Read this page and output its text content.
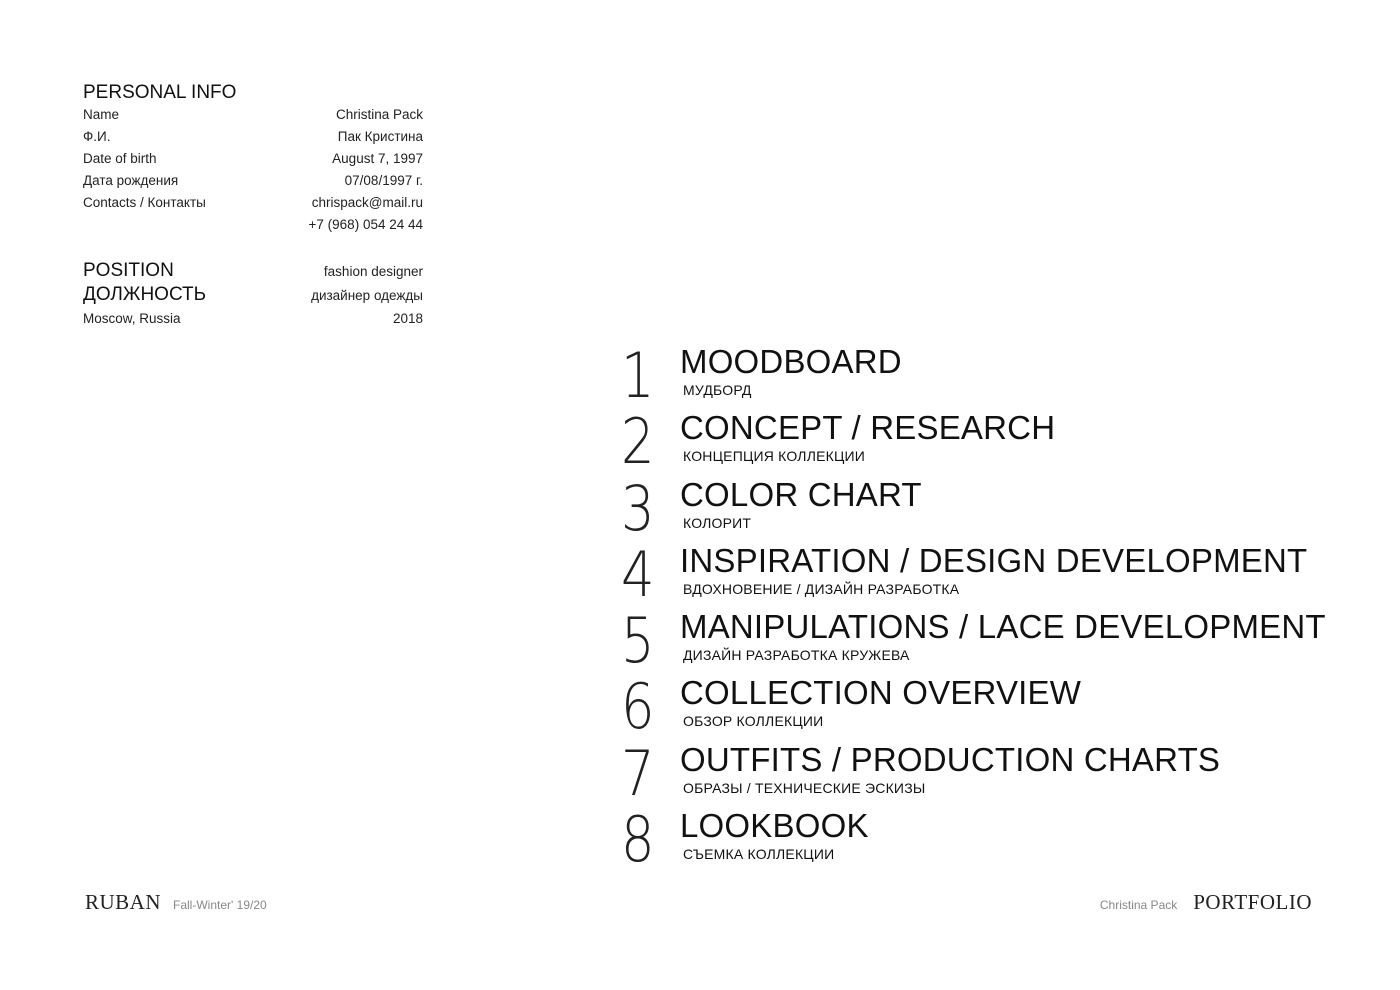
PERSONAL INFO
Name	Christina Pack
Ф.И.	Пак Кристина
Date of birth	August 7, 1997
Дата рождения	07/08/1997 г.
Contacts / Контакты	chrispack@mail.ru
+7 (968) 054 24 44
POSITION	fashion designer
ДОЛЖНОСТЬ	дизайнер одежды
Moscow, Russia	2018
1 MOODBOARD
МУДБОРД
2 CONCEPT / RESEARCH
КОНЦЕПЦИЯ КОЛЛЕКЦИИ
3 COLOR CHART
КОЛОРИТ
4 INSPIRATION / DESIGN DEVELOPMENT
ВДОХНОВЕНИЕ / ДИЗАЙН РАЗРАБОТКА
5 MANIPULATIONS / LACE DEVELOPMENT
ДИЗАЙН РАЗРАБОТКА КРУЖЕВА
6 COLLECTION OVERVIEW
ОБЗОР КОЛЛЕКЦИИ
7 OUTFITS / PRODUCTION CHARTS
ОБРАЗЫ / ТЕХНИЧЕСКИЕ ЭСКИЗЫ
8 LOOKBOOK
СЪЕМКА КОЛЛЕКЦИИ
RUBAN Fall-Winter' 19/20	Christina Pack PORTFOLIO
